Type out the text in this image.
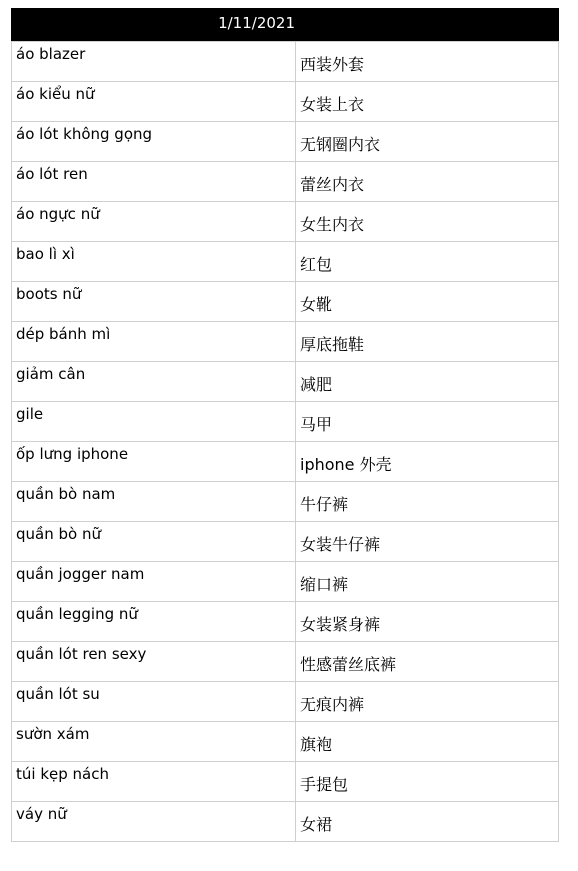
1/11/2021
áo blazer	西装外套
áo kiểu nữ	女装上衣
áo lót không gọng	无钢圈内衣
áo lót ren	蕾丝内衣
áo ngực nữ	女生内衣
bao lì xì	红包
boots nữ	女靴
dép bánh mì	厚底拖鞋
giảm cân	减肥
gile	马甲
ốp lưng iphone	iphone 外壳
quần bò nam	牛仔裤
quần bò nữ	女装牛仔裤
quần jogger nam	缩口裤
quần legging nữ	女装紧身裤
quần lót ren sexy	性感蕾丝底裤
quần lót su	无痕内裤
sườn xám	旗袍
túi kẹp nách	手提包
váy nữ	女裙
